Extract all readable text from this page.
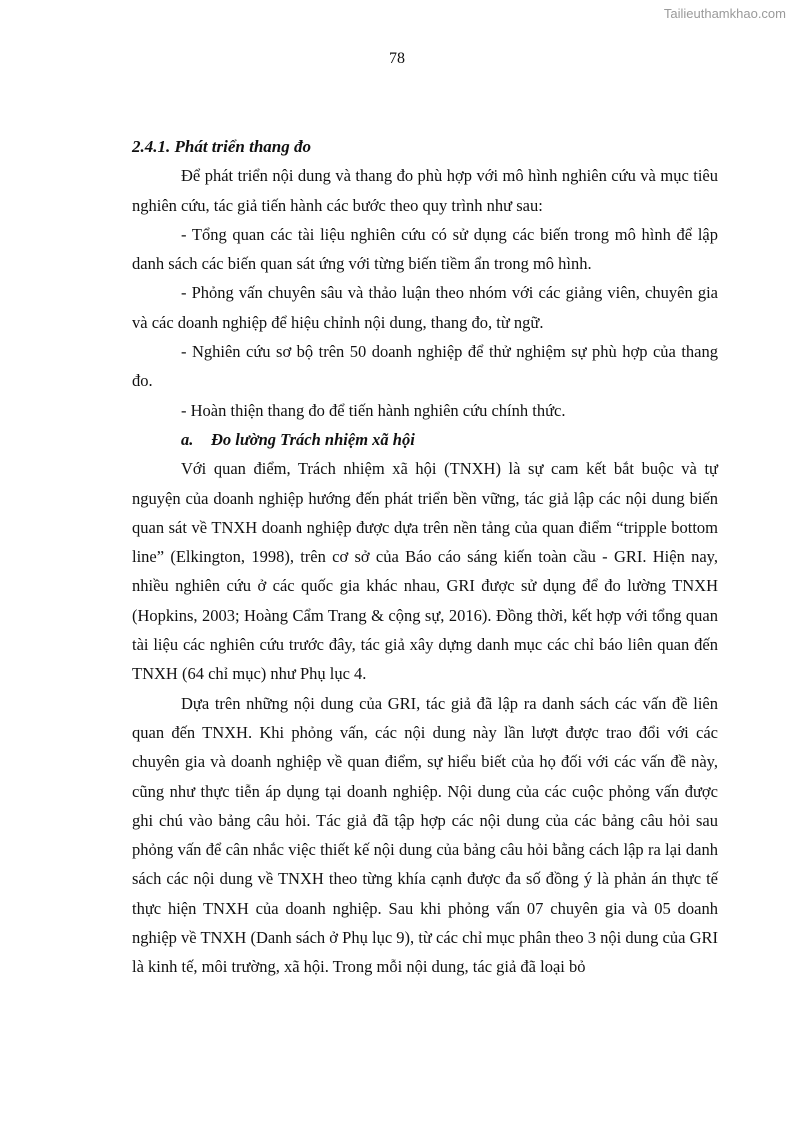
Tailieuthamkhao.com
78

2.4.1. Phát triển thang đo

Để phát triển nội dung và thang đo phù hợp với mô hình nghiên cứu và mục tiêu nghiên cứu, tác giả tiến hành các bước theo quy trình như sau:

- Tổng quan các tài liệu nghiên cứu có sử dụng các biến trong mô hình để lập danh sách các biến quan sát ứng với từng biến tiềm ẩn trong mô hình.

- Phỏng vấn chuyên sâu và thảo luận theo nhóm với các giảng viên, chuyên gia và các doanh nghiệp để hiệu chỉnh nội dung, thang đo, từ ngữ.

- Nghiên cứu sơ bộ trên 50 doanh nghiệp để thử nghiệm sự phù hợp của thang đo.

- Hoàn thiện thang đo để tiến hành nghiên cứu chính thức.

a. Đo lường Trách nhiệm xã hội

Với quan điểm, Trách nhiệm xã hội (TNXH) là sự cam kết bắt buộc và tự nguyện của doanh nghiệp hướng đến phát triển bền vững, tác giả lập các nội dung biến quan sát về TNXH doanh nghiệp được dựa trên nền tảng của quan điểm “tripple bottom line” (Elkington, 1998), trên cơ sở của Báo cáo sáng kiến toàn cầu - GRI. Hiện nay, nhiều nghiên cứu ở các quốc gia khác nhau, GRI được sử dụng để đo lường TNXH (Hopkins, 2003; Hoàng Cẩm Trang & cộng sự, 2016). Đồng thời, kết hợp với tổng quan tài liệu các nghiên cứu trước đây, tác giả xây dựng danh mục các chỉ báo liên quan đến TNXH (64 chỉ mục) như Phụ lục 4.

Dựa trên những nội dung của GRI, tác giả đã lập ra danh sách các vấn đề liên quan đến TNXH. Khi phỏng vấn, các nội dung này lần lượt được trao đổi với các chuyên gia và doanh nghiệp về quan điểm, sự hiểu biết của họ đối với các vấn đề này, cũng như thực tiễn áp dụng tại doanh nghiệp. Nội dung của các cuộc phỏng vấn được ghi chú vào bảng câu hỏi. Tác giả đã tập hợp các nội dung của các bảng câu hỏi sau phỏng vấn để cân nhắc việc thiết kế nội dung của bảng câu hỏi bằng cách lập ra lại danh sách các nội dung về TNXH theo từng khía cạnh được đa số đồng ý là phản án thực tế thực hiện TNXH của doanh nghiệp. Sau khi phỏng vấn 07 chuyên gia và 05 doanh nghiệp về TNXH (Danh sách ở Phụ lục 9), từ các chỉ mục phân theo 3 nội dung của GRI là kinh tế, môi trường, xã hội. Trong mỗi nội dung, tác giả đã loại bỏ
